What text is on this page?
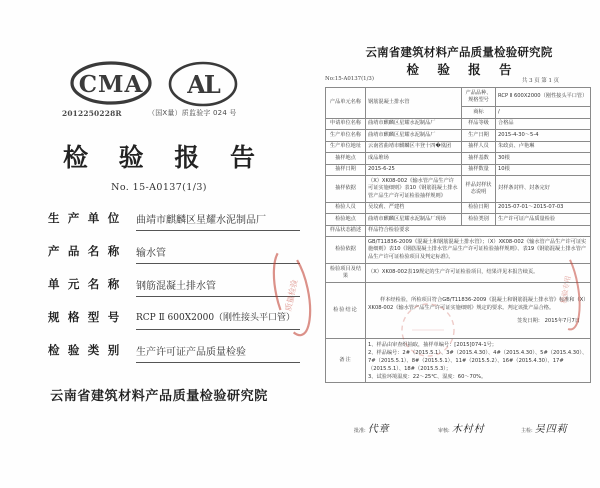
CMA AL
2012250228R	（国X量）质监验字 024 号
检 验 报 告
No. 15-A0137(1/3)
生 产 单 位	曲靖市麒麟区星耀水泥制品厂
产 品 名 称	输水管
单 元 名 称	钢筋混凝土排水管
规 格 型 号	RCP Ⅱ 600X2000（刚性接头平口管）
检 验 类 别	生产许可证产品质量检验
云南省建筑材料产品质量检验研究院
质量检验
云南省建筑材料产品质量检验研究院
检 验 报 告
No:15-A0137(1/3)	共 3 页 第 1 页
产品单元名称	钢筋混凝土排水管	产品品种、规格型号	RCP Ⅱ 600X2000（刚性接头平口管）
		商标	/
申请单位名称	曲靖市麒麟区星耀水泥制品厂	样品等级	合格品
生产单位名称	曲靖市麒麟区星耀水泥制品厂	生产日期	2015-4-30～5-4
生产单位地址	云南省曲靖市麒麟区丰登十四�凰团	抽样人员	朱政贞、卢艳琳
抽样地点	成品堆场	抽样基数	30根
抽样日期	2015-6-25	抽样数量	10根
抽样依据	（X）XK08-002《输水管产品生产许可证实施细则》表10《钢筋混凝土排水管产品生产许可证检验抽样规则》	样品封样状态说明	封样条封样、封条完好
检验人员	吴坟莉、严建档	检验日期	2015-07-01～2015-07-03
检验地点	曲靖市麒麟区星耀水泥制品厂现场	检验类别	生产许可证产品质量检验
样品状态描述	样品符合检验要求		
检验依据	GB/T11836-2009《混凝土和钢筋混凝土排水管》；（X）XK08-002《输水管产品生产许可证实施细则》表10《钢筋混凝土排水管产品生产许可证检验抽样规则》、表19《钢筋混凝土排水管产品生产许可证检验项目及判定标准》。		
检验项目及结果	（X）XK08-002表19规定的生产许可证检验项目，结果详见本报告续页。		
检验结论	样本经检验，所检项目符合GB/T11836-2009《混凝土和钢筋混凝土排水管》标准和（X）XK08-002《输水管产品生产许可证实施细则》规定的要求。判定该批产品合格。
签发日期： 2015年7月7日		

备注	1、样品由审查组抽取，抽样单编号：[2015]074-1号；
2、样品编号：2#（2015.5.1）、3#（2015.4.30）、4#（2015.4.30）、5#（2015.4.30）、7#（2015.5.1）、8#（2015.5.1）、11#（2015.5.2）、16#（2015.4.30）、17#（2015.5.1）、18#（2015.5.3）；
3、试验环境温度：22～25℃、湿度：60～70%。		
批准: 代章	审核: 木村村	主检: 吴四莉
检验专用
